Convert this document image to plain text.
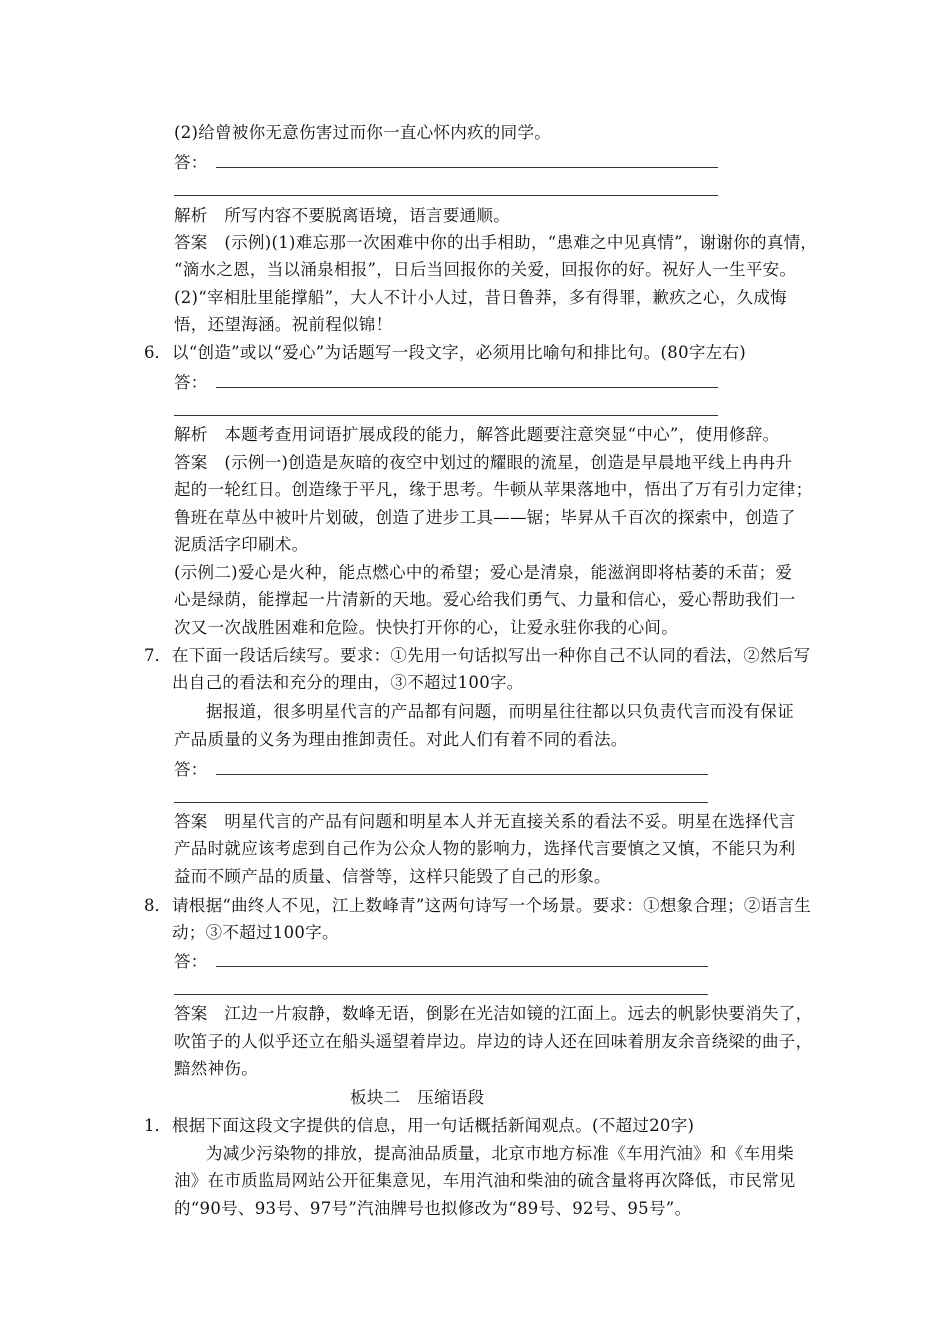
(2)给曾被你无意伤害过而你一直心怀内疚的同学。
答：
解析　所写内容不要脱离语境，语言要通顺。
答案　(示例)(1)难忘那一次困难中你的出手相助，“患难之中见真情”，谢谢你的真情，
“滴水之恩，当以涌泉相报”，日后当回报你的关爱，回报你的好。祝好人一生平安。
(2)“宰相肚里能撑船”，大人不计小人过，昔日鲁莽，多有得罪，歉疚之心，久成悔
悟，还望海涵。祝前程似锦！
6． 以“创造”或以“爱心”为话题写一段文字，必须用比喻句和排比句。(80字左右)
答：
解析　本题考查用词语扩展成段的能力，解答此题要注意突显“中心”，使用修辞。
答案　(示例一)创造是灰暗的夜空中划过的耀眼的流星，创造是早晨地平线上冉冉升
起的一轮红日。创造缘于平凡，缘于思考。牛顿从苹果落地中，悟出了万有引力定律；
鲁班在草丛中被叶片划破，创造了进步工具——锯；毕昇从千百次的探索中，创造了
泥质活字印刷术。
(示例二)爱心是火种，能点燃心中的希望；爱心是清泉，能滋润即将枯萎的禾苗；爱
心是绿荫，能撑起一片清新的天地。爱心给我们勇气、力量和信心，爱心帮助我们一
次又一次战胜困难和危险。快快打开你的心，让爱永驻你我的心间。
7． 在下面一段话后续写。要求：①先用一句话拟写出一种你自己不认同的看法，②然后写
出自己的看法和充分的理由，③不超过100字。
据报道，很多明星代言的产品都有问题，而明星往往都以只负责代言而没有保证
产品质量的义务为理由推卸责任。对此人们有着不同的看法。
答：
答案　明星代言的产品有问题和明星本人并无直接关系的看法不妥。明星在选择代言
产品时就应该考虑到自己作为公众人物的影响力，选择代言要慎之又慎，不能只为利
益而不顾产品的质量、信誉等，这样只能毁了自己的形象。
8． 请根据“曲终人不见，江上数峰青”这两句诗写一个场景。要求：①想象合理；②语言生
动；③不超过100字。
答：
答案　江边一片寂静，数峰无语，倒影在光洁如镜的江面上。远去的帆影快要消失了，
吹笛子的人似乎还立在船头遥望着岸边。岸边的诗人还在回味着朋友余音绕梁的曲子，
黯然神伤。
板块二　压缩语段
1． 根据下面这段文字提供的信息，用一句话概括新闻观点。(不超过20字)
为减少污染物的排放，提高油品质量，北京市地方标准《车用汽油》和《车用柴
油》在市质监局网站公开征集意见，车用汽油和柴油的硫含量将再次降低，市民常见
的“90号、93号、97号”汽油牌号也拟修改为“89号、92号、95号”。
